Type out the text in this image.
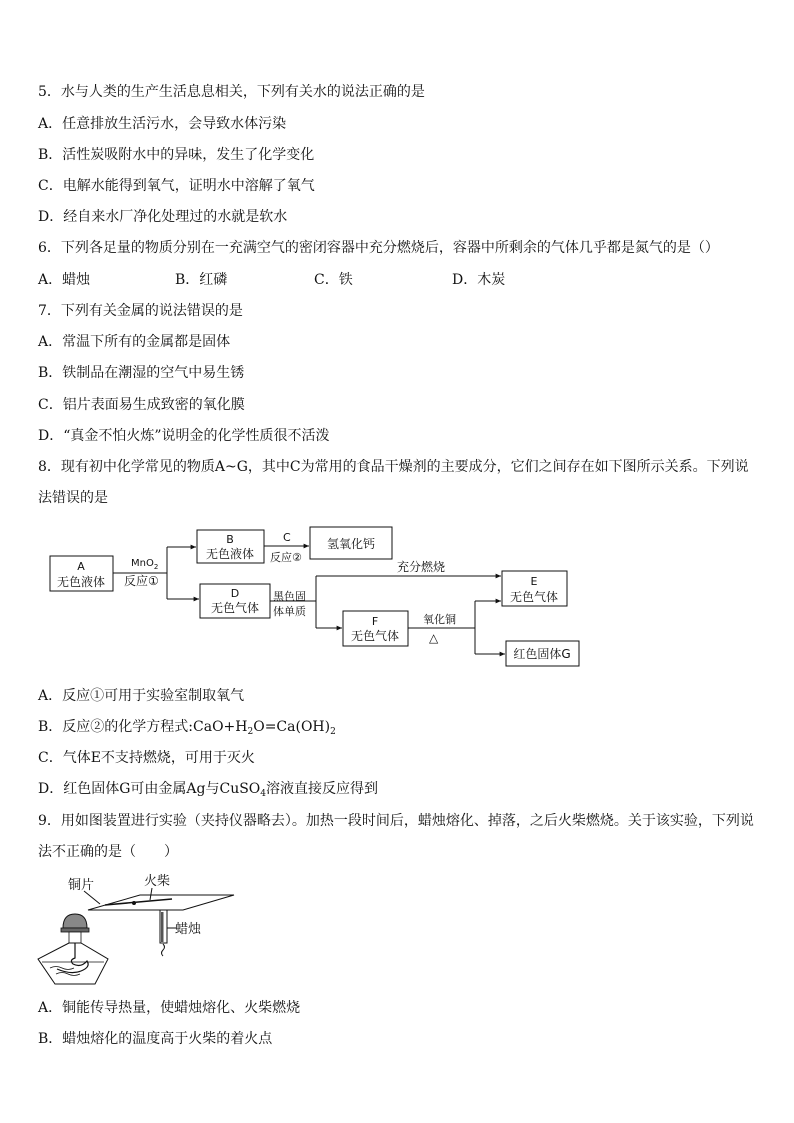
5．水与人类的生产生活息息相关，下列有关水的说法正确的是
A．任意排放生活污水，会导致水体污染
B．活性炭吸附水中的异味，发生了化学变化
C．电解水能得到氧气，证明水中溶解了氧气
D．经自来水厂净化处理过的水就是软水
6．下列各足量的物质分别在一充满空气的密闭容器中充分燃烧后，容器中所剩余的气体几乎都是氮气的是（）
A．蜡烛	B．红磷	C．铁	D．木炭
7．下列有关金属的说法错误的是
A．常温下所有的金属都是固体
B．铁制品在潮湿的空气中易生锈
C．铝片表面易生成致密的氧化膜
D．“真金不怕火炼”说明金的化学性质很不活泼
8．现有初中化学常见的物质A~G，其中C为常用的食品干燥剂的主要成分，它们之间存在如下图所示关系。下列说
法错误的是
A
无色液体
B
无色液体
氢氧化钙
D
无色气体
F
无色气体
E
无色气体
红色固体G
MnO$_2$
反应①
C
反应②
黑色固
体单质
充分燃烧
氧化铜
△
A．反应①可用于实验室制取氧气
B．反应②的化学方程式$:CaO+H_2O=Ca(OH)_2$
C．气体E不支持燃烧，可用于灭火
D．红色固体G可由金属Ag与CuSO$_4$溶液直接反应得到
9．用如图装置进行实验（夹持仪器略去）。加热一段时间后，蜡烛熔化、掉落，之后火柴燃烧。关于该实验，下列说
法不正确的是（　　）
铜片	火柴
蜡烛
A．铜能传导热量，使蜡烛熔化、火柴燃烧
B．蜡烛熔化的温度高于火柴的着火点
